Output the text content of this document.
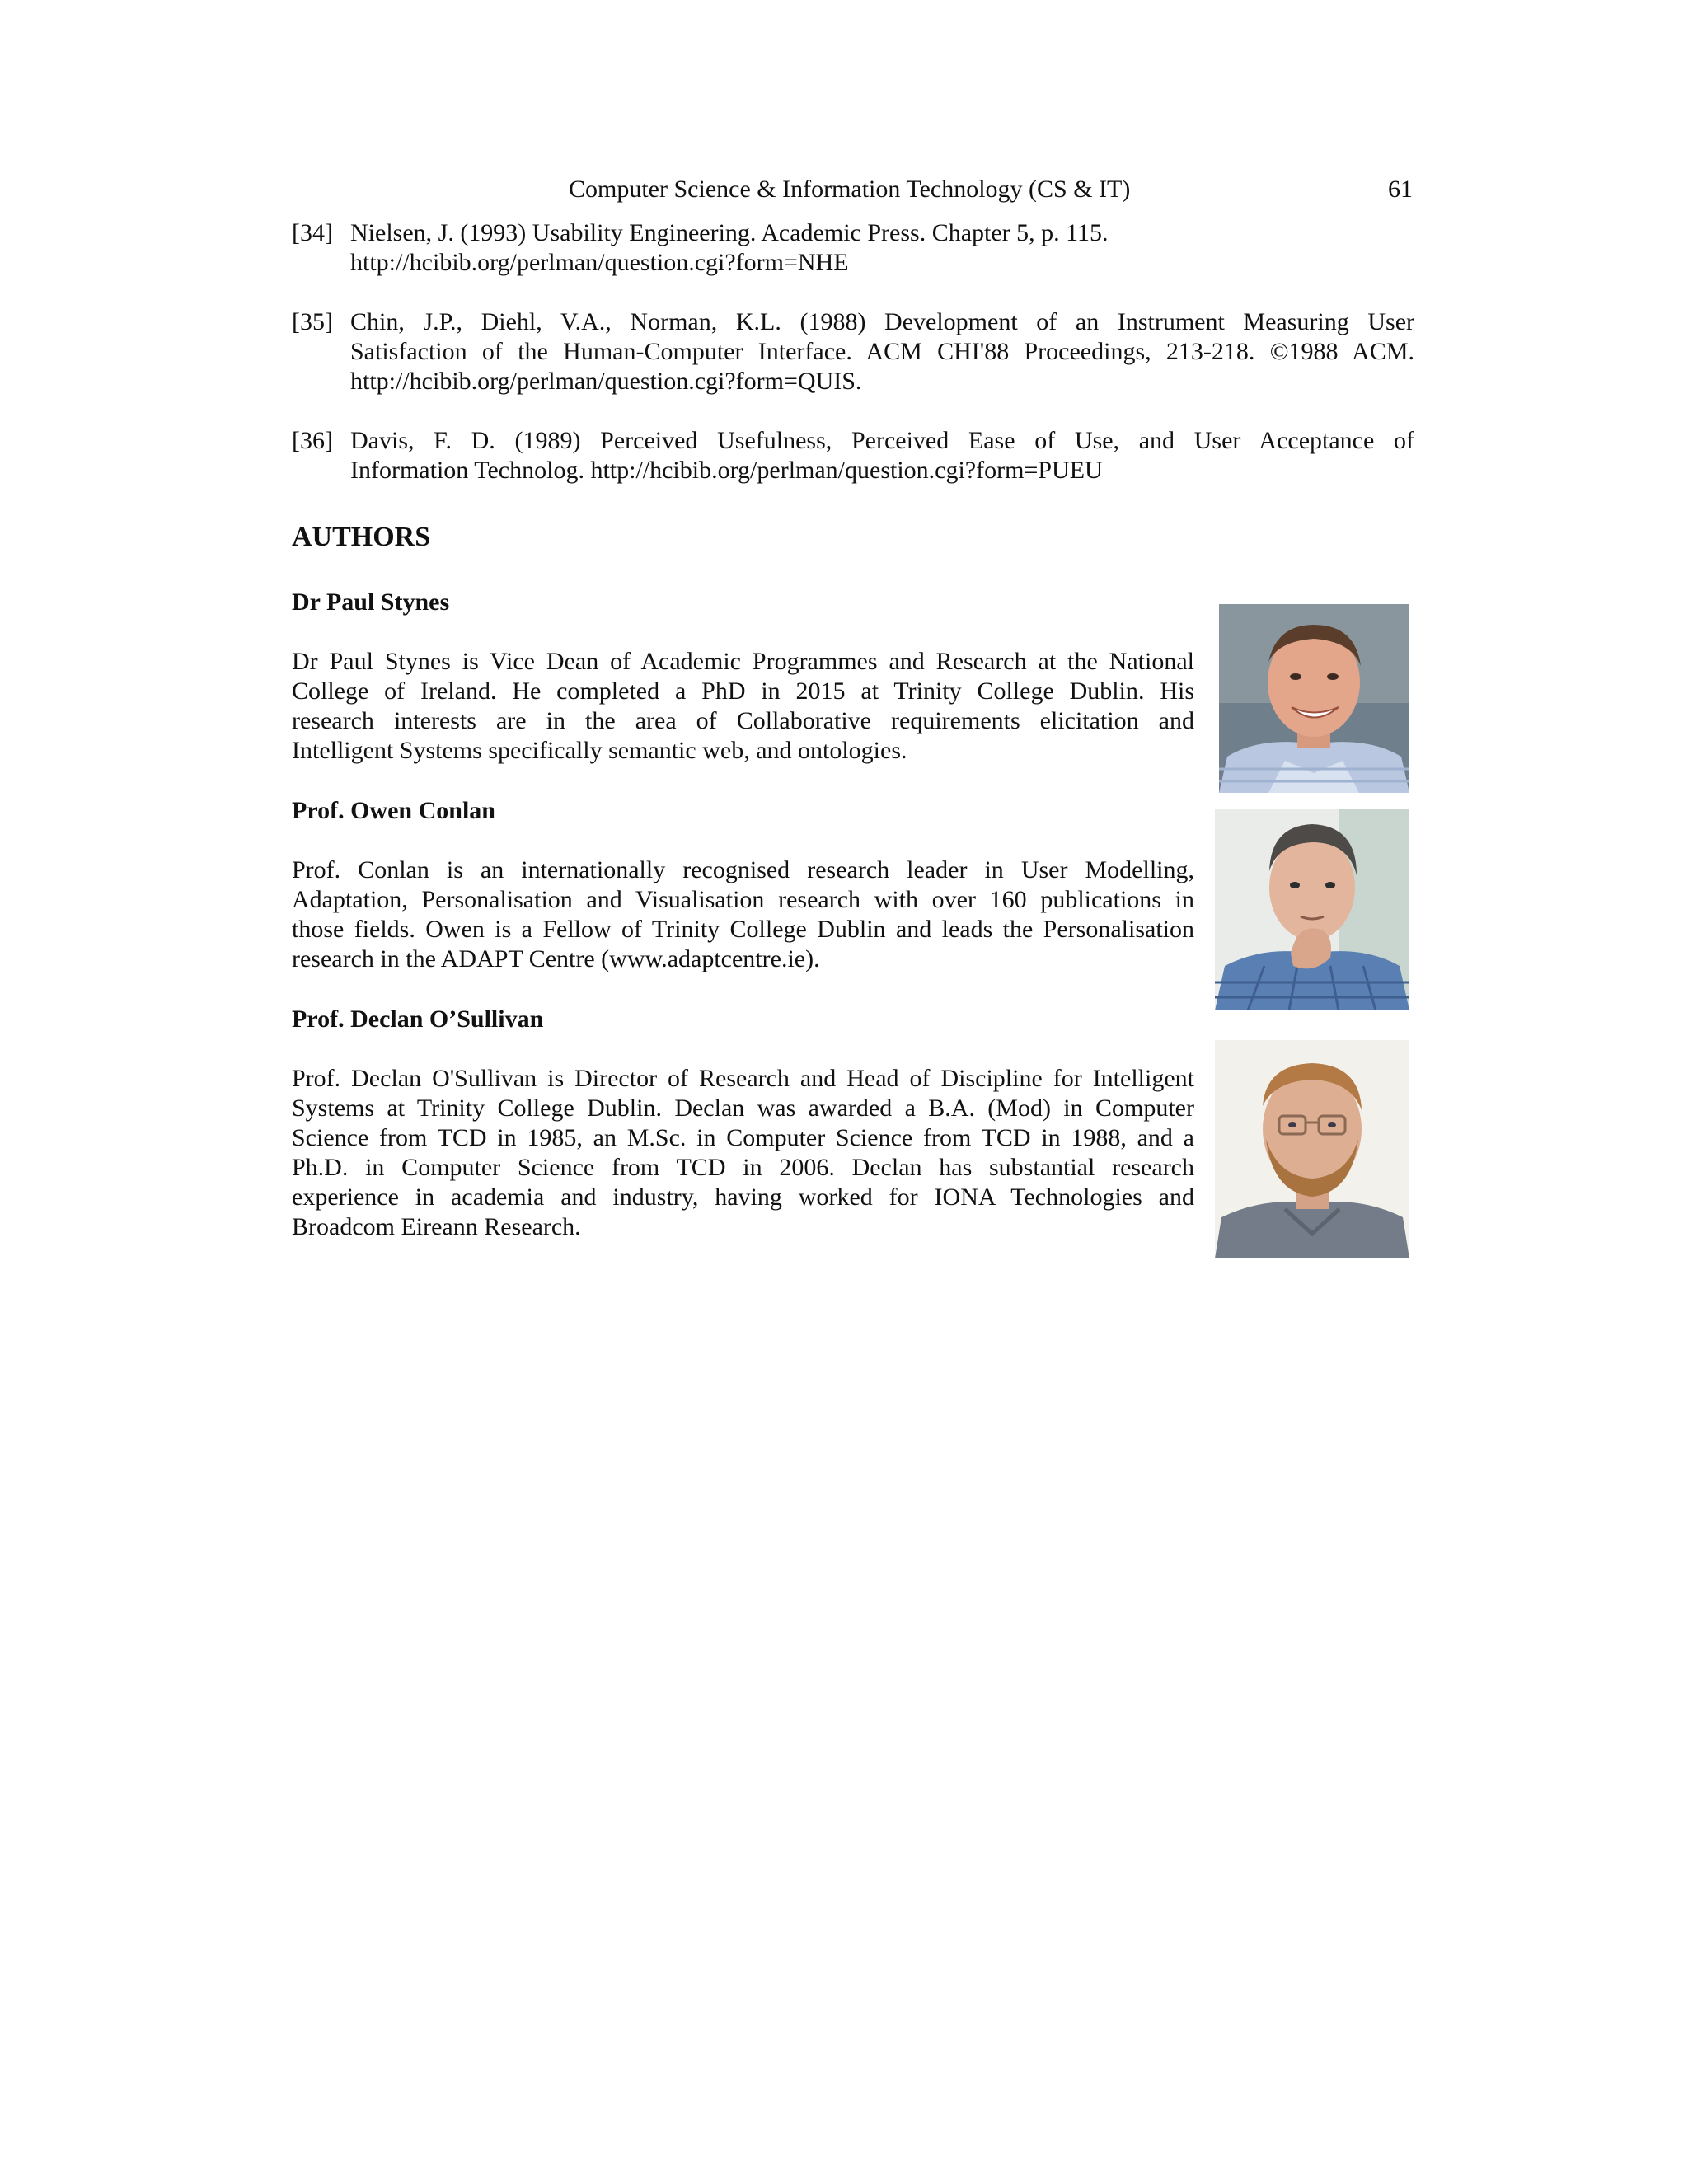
Computer Science & Information Technology (CS & IT)	61
[34] Nielsen, J. (1993) Usability Engineering. Academic Press. Chapter 5, p. 115.
http://hcibib.org/perlman/question.cgi?form=NHE
[35] Chin, J.P., Diehl, V.A., Norman, K.L. (1988) Development of an Instrument Measuring User
Satisfaction of the Human-Computer Interface. ACM CHI'88 Proceedings, 213-218. ©1988 ACM.
http://hcibib.org/perlman/question.cgi?form=QUIS.
[36] Davis, F. D. (1989) Perceived Usefulness, Perceived Ease of Use, and User Acceptance of
Information Technolog. http://hcibib.org/perlman/question.cgi?form=PUEU
AUTHORS
Dr Paul Stynes
Dr Paul Stynes is Vice Dean of Academic Programmes and Research at the National
College of Ireland. He completed a PhD in 2015 at Trinity College Dublin. His
research interests are in the area of Collaborative requirements elicitation and
Intelligent Systems specifically semantic web, and ontologies.
Prof. Owen Conlan
Prof. Conlan is an internationally recognised research leader in User Modelling,
Adaptation, Personalisation and Visualisation research with over 160 publications in
those fields. Owen is a Fellow of Trinity College Dublin and leads the Personalisation
research in the ADAPT Centre (www.adaptcentre.ie).
Prof. Declan O’Sullivan
Prof. Declan O'Sullivan is Director of Research and Head of Discipline for Intelligent
Systems at Trinity College Dublin. Declan was awarded a B.A. (Mod) in Computer
Science from TCD in 1985, an M.Sc. in Computer Science from TCD in 1988, and a
Ph.D. in Computer Science from TCD in 2006. Declan has substantial research
experience in academia and industry, having worked for IONA Technologies and
Broadcom Eireann Research.
